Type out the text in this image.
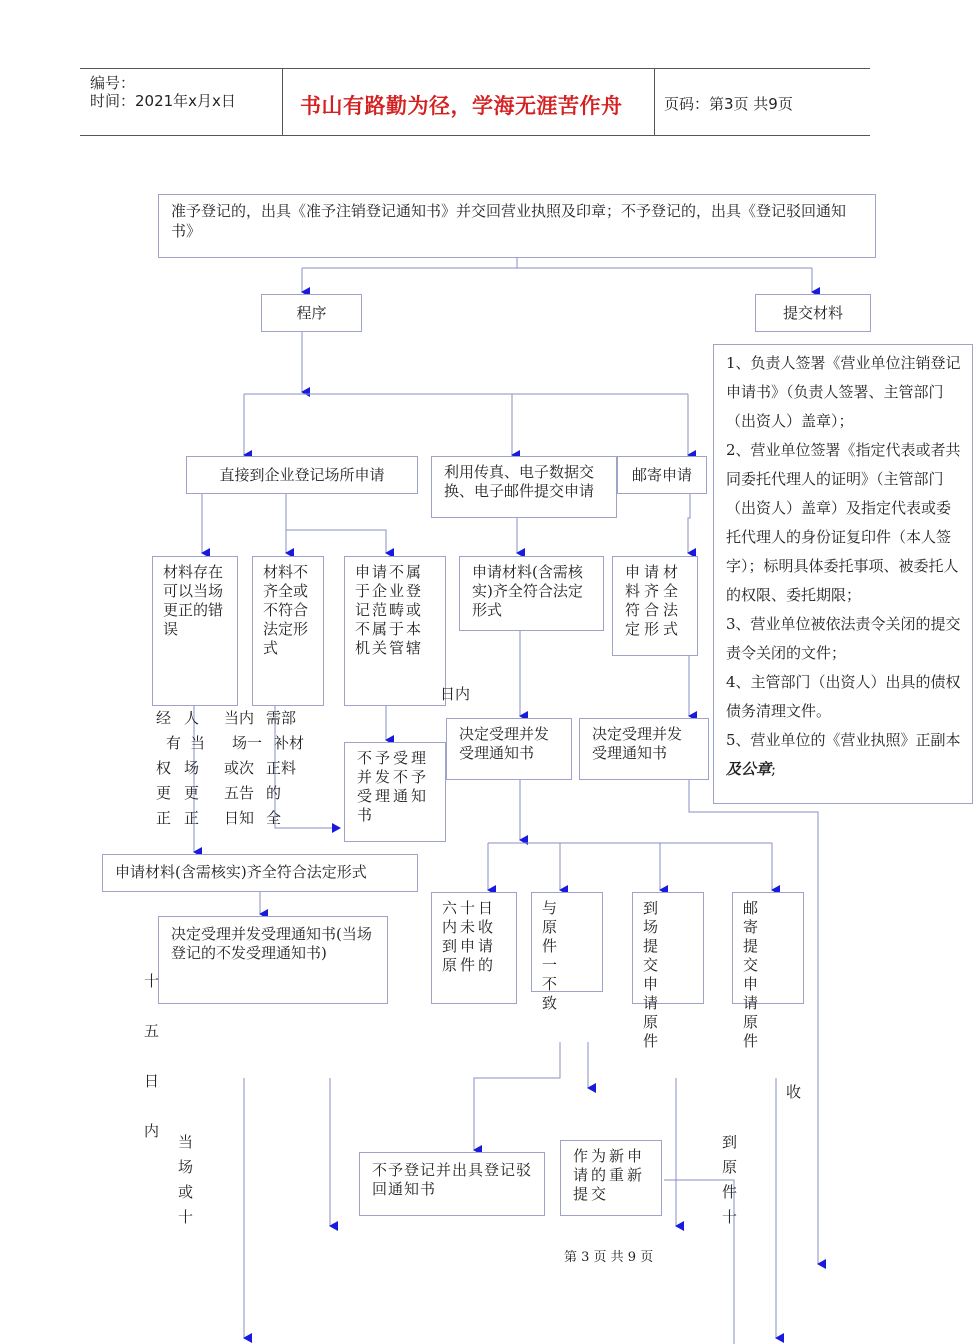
编号：
时间：2021年x月x日	书山有路勤为径，学海无涯苦作舟	页码：第3页 共9页
准予登记的，出具《准予注销登记通知书》并交回营业执照及印章；不予登记的，出具《登记驳回通知书》
程序	提交材料
1、负责人签署《营业单位注销登记申请书》（负责人签署、主管部门（出资人）盖章）；
2、营业单位签署《指定代表或者共同委托代理人的证明》（主管部门（出资人）盖章）及指定代表或委托代理人的身份证复印件（本人签字）；标明具体委托事项、被委托人的权限、委托期限；
3、营业单位被依法责令关闭的提交责令关闭的文件；
4、主管部门（出资人）出具的债权债务清理文件。
5、营业单位的《营业执照》正副本及公章;
直接到企业登记场所申请	利用传真、电子数据交换、电子邮件提交申请
邮寄申请
材料存在可以当场更正的错误
材料不齐全或不符合法定形式
申请不属于企业登记范畴或不属于本机关管辖
申请材料(含需核实)齐全符合法定形式
申请材料齐全符合法定形式
日内
经
有
权
更
正
人
当
场
更
正
当内
场一
或次
五告
日知
需部
补材
正料
的
全
不予受理并发不予受理通知书
决定受理并发受理通知书
决定受理并发受理通知书
申请材料(含需核实)齐全符合法定形式
决定受理并发受理通知书(当场登记的不发受理通知书)
六十日内未收到申请原件的
与原件一不致
到场提交申请原件
邮寄提交申请原件
十
五
日
内
当
场
或
十
不予登记并出具登记驳回通知书
作为新申请的重新提交
到
原
件
十
收
第 3 页 共 9 页
